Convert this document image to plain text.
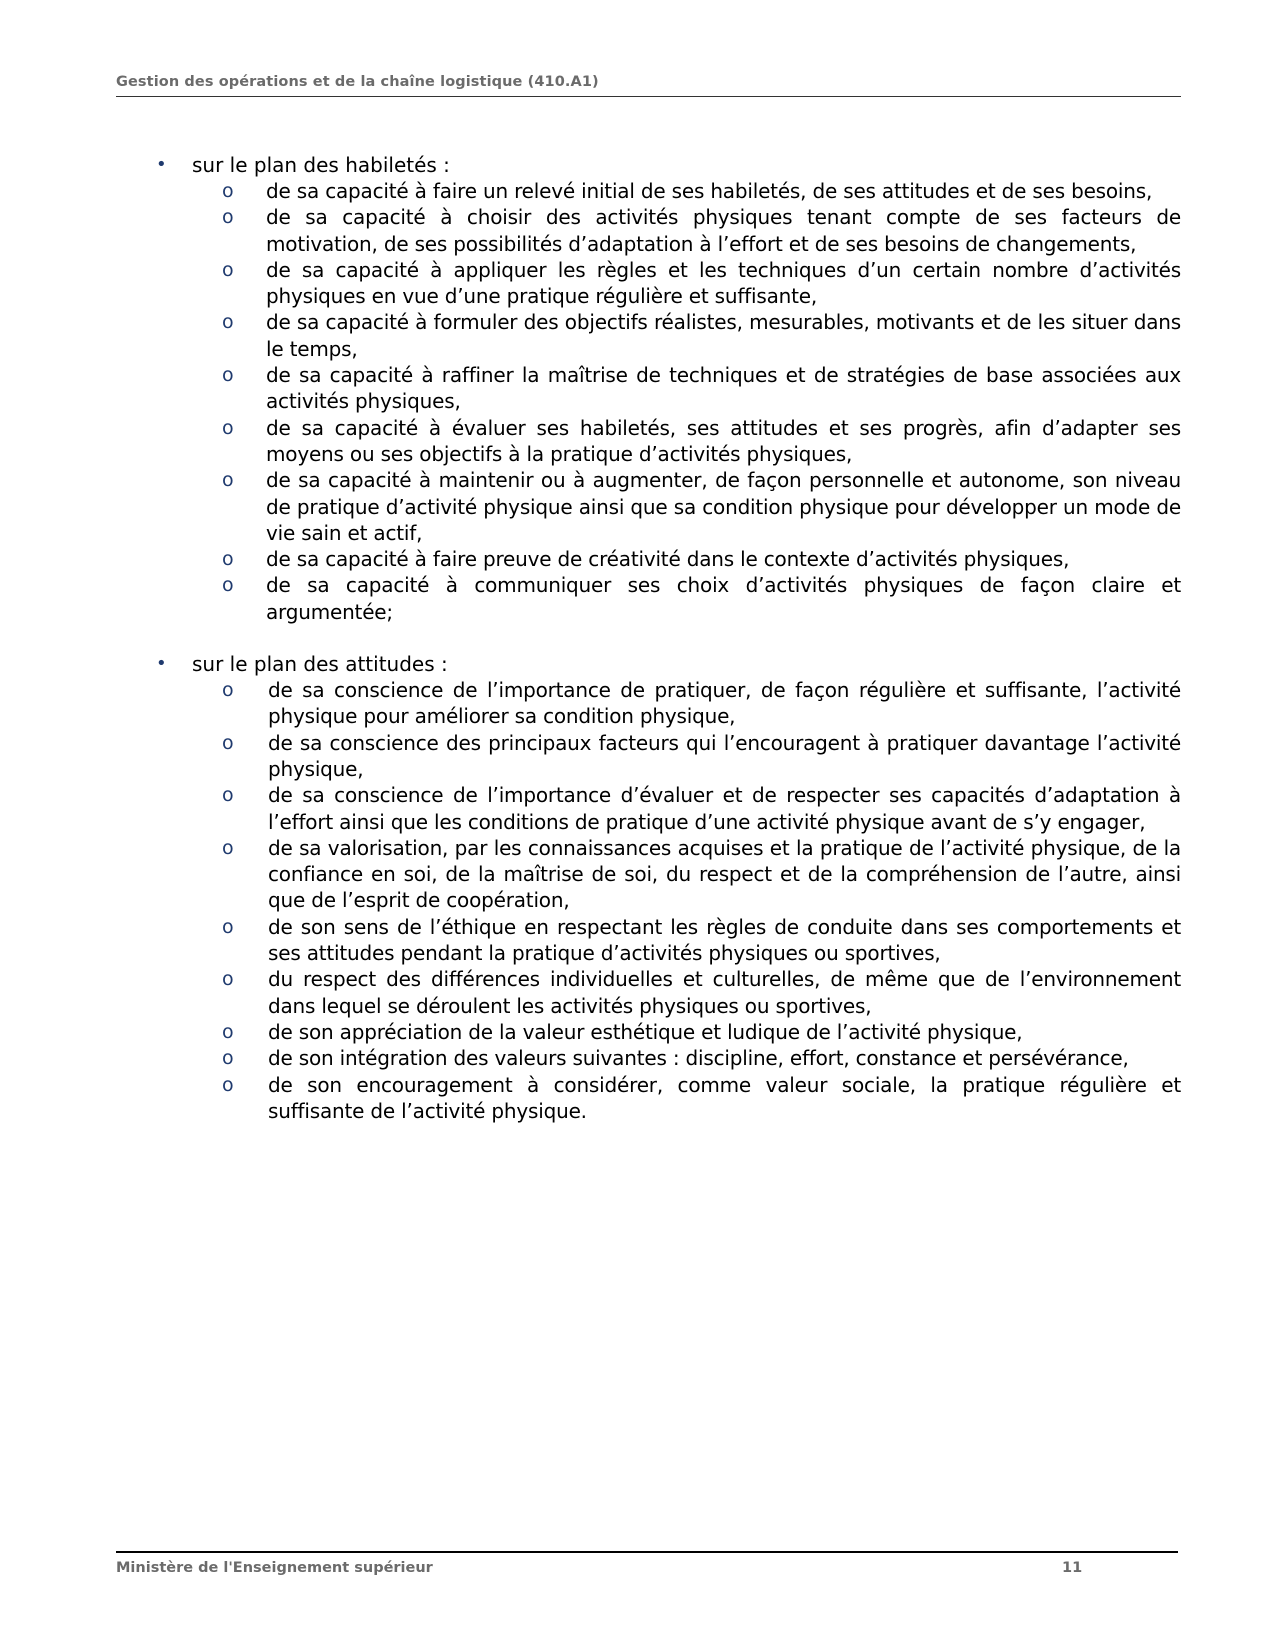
Gestion des opérations et de la chaîne logistique (410.A1)
• sur le plan des habiletés :
o de sa capacité à faire un relevé initial de ses habiletés, de ses attitudes et de ses besoins,
o de sa capacité à choisir des activités physiques tenant compte de ses facteurs de motivation, de ses possibilités d’adaptation à l’effort et de ses besoins de changements,
o de sa capacité à appliquer les règles et les techniques d’un certain nombre d’activités physiques en vue d’une pratique régulière et suffisante,
o de sa capacité à formuler des objectifs réalistes, mesurables, motivants et de les situer dans le temps,
o de sa capacité à raffiner la maîtrise de techniques et de stratégies de base associées aux activités physiques,
o de sa capacité à évaluer ses habiletés, ses attitudes et ses progrès, afin d’adapter ses moyens ou ses objectifs à la pratique d’activités physiques,
o de sa capacité à maintenir ou à augmenter, de façon personnelle et autonome, son niveau de pratique d’activité physique ainsi que sa condition physique pour développer un mode de vie sain et actif,
o de sa capacité à faire preuve de créativité dans le contexte d’activités physiques,
o de sa capacité à communiquer ses choix d’activités physiques de façon claire et argumentée;
• sur le plan des attitudes :
o de sa conscience de l’importance de pratiquer, de façon régulière et suffisante, l’activité physique pour améliorer sa condition physique,
o de sa conscience des principaux facteurs qui l’encouragent à pratiquer davantage l’activité physique,
o de sa conscience de l’importance d’évaluer et de respecter ses capacités d’adaptation à l’effort ainsi que les conditions de pratique d’une activité physique avant de s’y engager,
o de sa valorisation, par les connaissances acquises et la pratique de l’activité physique, de la confiance en soi, de la maîtrise de soi, du respect et de la compréhension de l’autre, ainsi que de l’esprit de coopération,
o de son sens de l’éthique en respectant les règles de conduite dans ses comportements et ses attitudes pendant la pratique d’activités physiques ou sportives,
o du respect des différences individuelles et culturelles, de même que de l’environnement dans lequel se déroulent les activités physiques ou sportives,
o de son appréciation de la valeur esthétique et ludique de l’activité physique,
o de son intégration des valeurs suivantes : discipline, effort, constance et persévérance,
o de son encouragement à considérer, comme valeur sociale, la pratique régulière et suffisante de l’activité physique.
Ministère de l'Enseignement supérieur	11
